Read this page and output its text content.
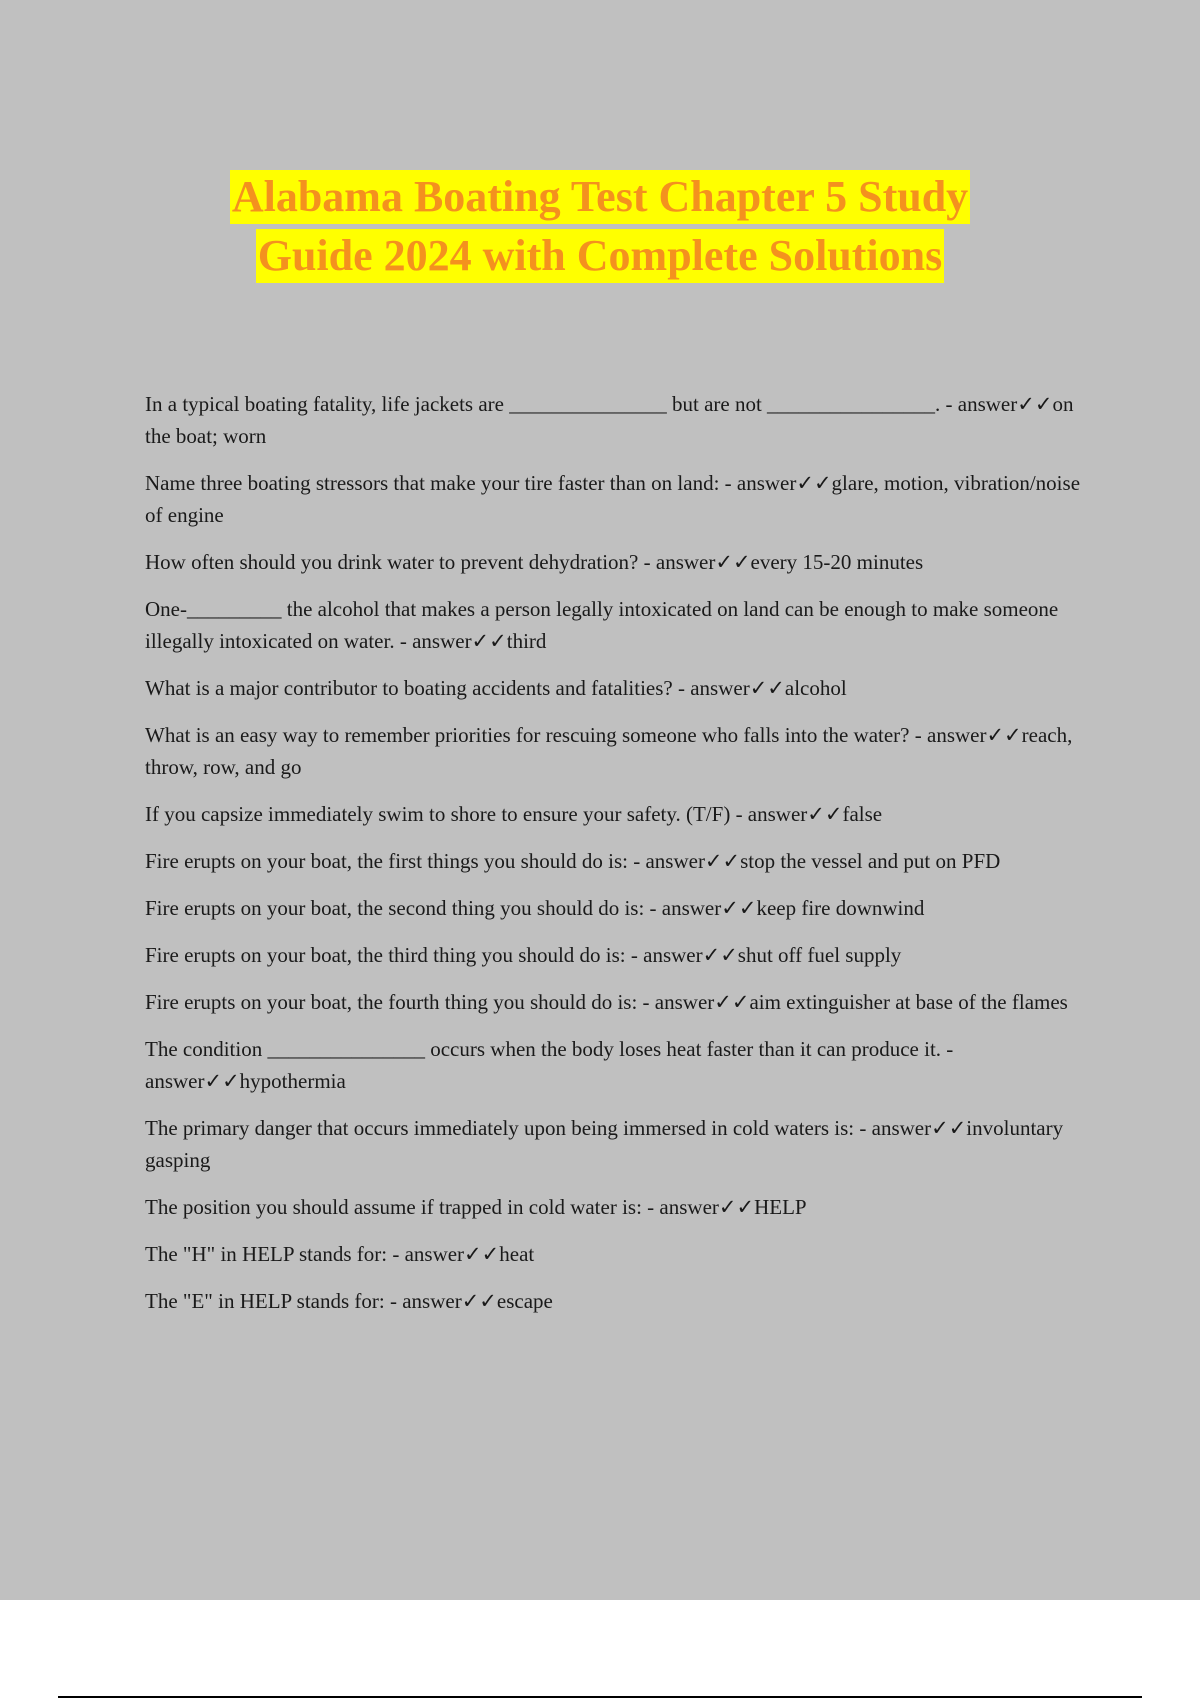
Alabama Boating Test Chapter 5 Study
Guide 2024 with Complete Solutions
In a typical boating fatality, life jackets are _______________ but are not ________________. - answer✓✓on the boat; worn
Name three boating stressors that make your tire faster than on land: - answer✓✓glare, motion, vibration/noise of engine
How often should you drink water to prevent dehydration? - answer✓✓every 15-20 minutes
One-_________ the alcohol that makes a person legally intoxicated on land can be enough to make someone illegally intoxicated on water. - answer✓✓third
What is a major contributor to boating accidents and fatalities? - answer✓✓alcohol
What is an easy way to remember priorities for rescuing someone who falls into the water? - answer✓✓reach, throw, row, and go
If you capsize immediately swim to shore to ensure your safety. (T/F) - answer✓✓false
Fire erupts on your boat, the first things you should do is: - answer✓✓stop the vessel and put on PFD
Fire erupts on your boat, the second thing you should do is: - answer✓✓keep fire downwind
Fire erupts on your boat, the third thing you should do is: - answer✓✓shut off fuel supply
Fire erupts on your boat, the fourth thing you should do is: - answer✓✓aim extinguisher at base of the flames
The condition _______________ occurs when the body loses heat faster than it can produce it. - answer✓✓hypothermia
The primary danger that occurs immediately upon being immersed in cold waters is: - answer✓✓involuntary gasping
The position you should assume if trapped in cold water is: - answer✓✓HELP
The "H" in HELP stands for: - answer✓✓heat
The "E" in HELP stands for: - answer✓✓escape
